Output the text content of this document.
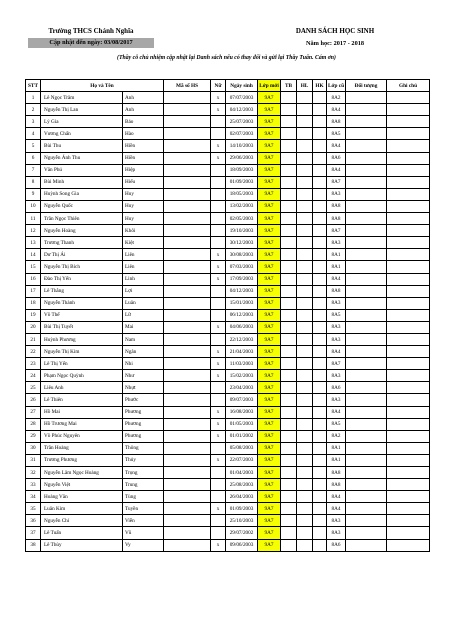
Trường THCS Chánh Nghĩa
Cập nhật đến ngày: 03/08/2017
DANH SÁCH HỌC SINH
Năm học: 2017 - 2018
(Thầy cô chủ nhiệm cập nhật lại Danh sách nếu có thay đổi và gửi lại Thầy Tuấn. Cám ơn)
STT	Họ và Tên		Mã số HS	Nữ	Ngày sinh	Lớp mới	TB	HL	HK	Lớp cũ	Đối tượng	Ghi chú
1	Lê Ngọc Trâm	Anh		x	07/07/2003	9A7				8A2		
2	Nguyễn Thị Lan	Anh		x	04/12/2003	9A7				8A4		
3	Lý Gia	Bảo			25/07/2003	9A7				8A8		
4	Vương Chấn	Hào			02/07/2003	9A7				8A5		
5	Bùi Thu	Hiền		x	14/10/2003	9A7				8A4		
6	Nguyễn Ánh Thu	Hiền		x	29/06/2003	9A7				8A6		
7	Văn Phú	Hiệp			18/09/2003	9A7				8A4		
8	Bùi Minh	Hiếu			01/09/2003	9A7				8A7		
9	Huỳnh Song Gia	Huy			18/05/2003	9A7				8A3		
10	Nguyễn Quốc	Huy			13/02/2003	9A7				8A8		
11	Trần Ngọc Thiên	Huy			02/05/2003	9A7				8A8		
12	Nguyễn Hoàng	Khôi			19/10/2003	9A7				8A7		
13	Trương Thanh	Kiệt			30/12/2003	9A7				8A3		
14	Dư Thị Ái	Liên		x	30/08/2003	9A7				8A1		
15	Nguyễn Thị Bích	Liên		x	07/03/2003	9A7				8A1		
16	Đào Thị Yến	Linh		x	17/09/2003	9A7				8A4		
17	Lê Thắng	Lợi			04/12/2003	9A7				8A8		
18	Nguyễn Thành	Luân			15/01/2003	9A7				8A3		
19	Võ Thế	Lữ			06/12/2003	9A7				8A5		
20	Bùi Thị Tuyết	Mai		x	04/06/2003	9A7				8A3		
21	Huỳnh Phương	Nam			22/12/2003	9A7				8A3		
22	Nguyễn Thị Kim	Ngân		x	21/04/2003	9A7				8A4		
23	Lê Thị Yến	Nhi		x	11/03/2003	9A7				8A7		
24	Phạm Ngọc Quỳnh	Như		x	15/02/2003	9A7				8A3		
25	Liêu Anh	Nhựt			23/04/2003	9A7				8A6		
26	Lê Thiên	Phước			09/07/2003	9A7				8A3		
27	Hồ Mai	Phương		x	16/08/2003	9A7				8A4		
28	Hồ Trương Mai	Phương		x	01/05/2003	9A7				8A5		
29	Võ Phúc Nguyên	Phương		x	01/01/2002	9A7				8A2		
30	Trần Hoàng	Thông			05/08/2003	9A7				8A1		
31	Trương Phương	Thủy		x	22/07/2003	9A7				8A1		
32	Nguyễn Lâm Ngọc Hoàng	Trọng			01/04/2003	9A7				8A8		
33	Nguyễn Việt	Trung			25/08/2003	9A7				8A8		
34	Hoàng Văn	Tùng			26/04/2003	9A7				8A4		
35	Luân Kim	Tuyền		x	01/09/2003	9A7				8A4		
36	Nguyễn Chí	Viễn			25/10/2003	9A7				8A3		
37	Lê Tuấn	Vũ			29/07/2002	9A7				8A3		
38	Lê Thùy	Vy		x	09/06/2003	9A7				8A6		
